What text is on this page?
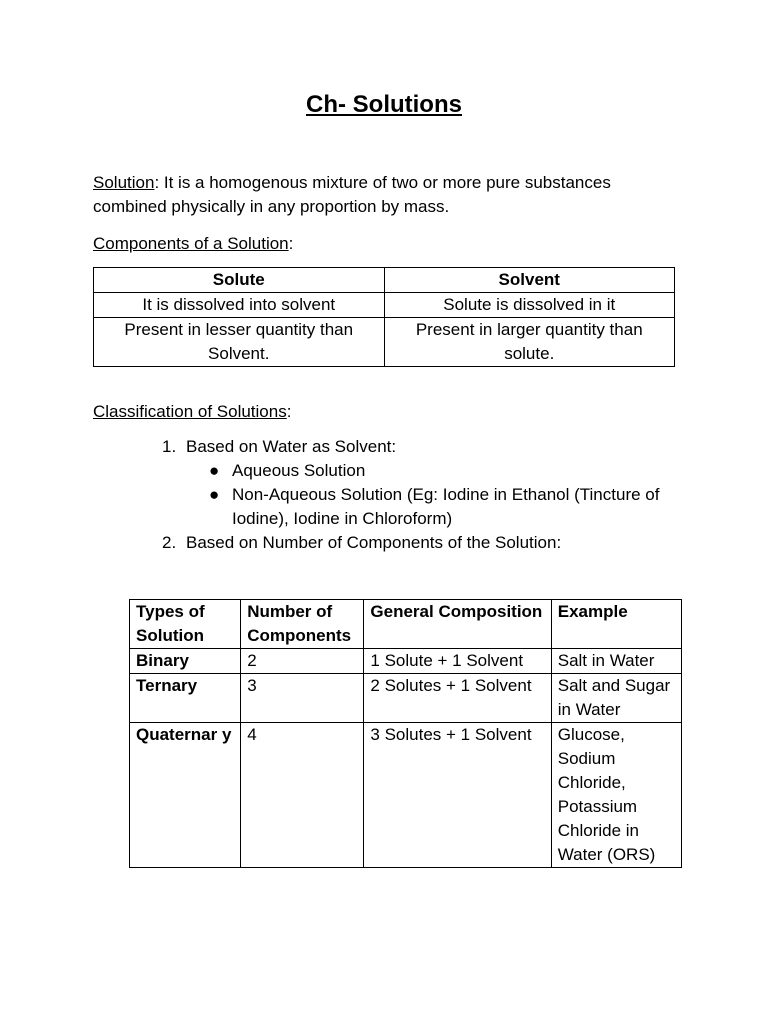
Ch- Solutions

Solution: It is a homogenous mixture of two or more pure substances combined physically in any proportion by mass.

Components of a Solution:

Solute	Solvent
It is dissolved into solvent	Solute is dissolved in it
Present in lesser quantity than Solvent.	Present in larger quantity than solute.

Classification of Solutions:

1. Based on Water as Solvent:
● Aqueous Solution
● Non-Aqueous Solution (Eg: Iodine in Ethanol (Tincture of Iodine), Iodine in Chloroform)
2. Based on Number of Components of the Solution:
Types of Solution	Number of Components	General Composition	Example
Binary	2	1 Solute + 1 Solvent	Salt in Water
Ternary	3	2 Solutes + 1 Solvent	Salt and Sugar in Water
Quaternar y	4	3 Solutes + 1 Solvent	Glucose, Sodium Chloride, Potassium Chloride in Water (ORS)
